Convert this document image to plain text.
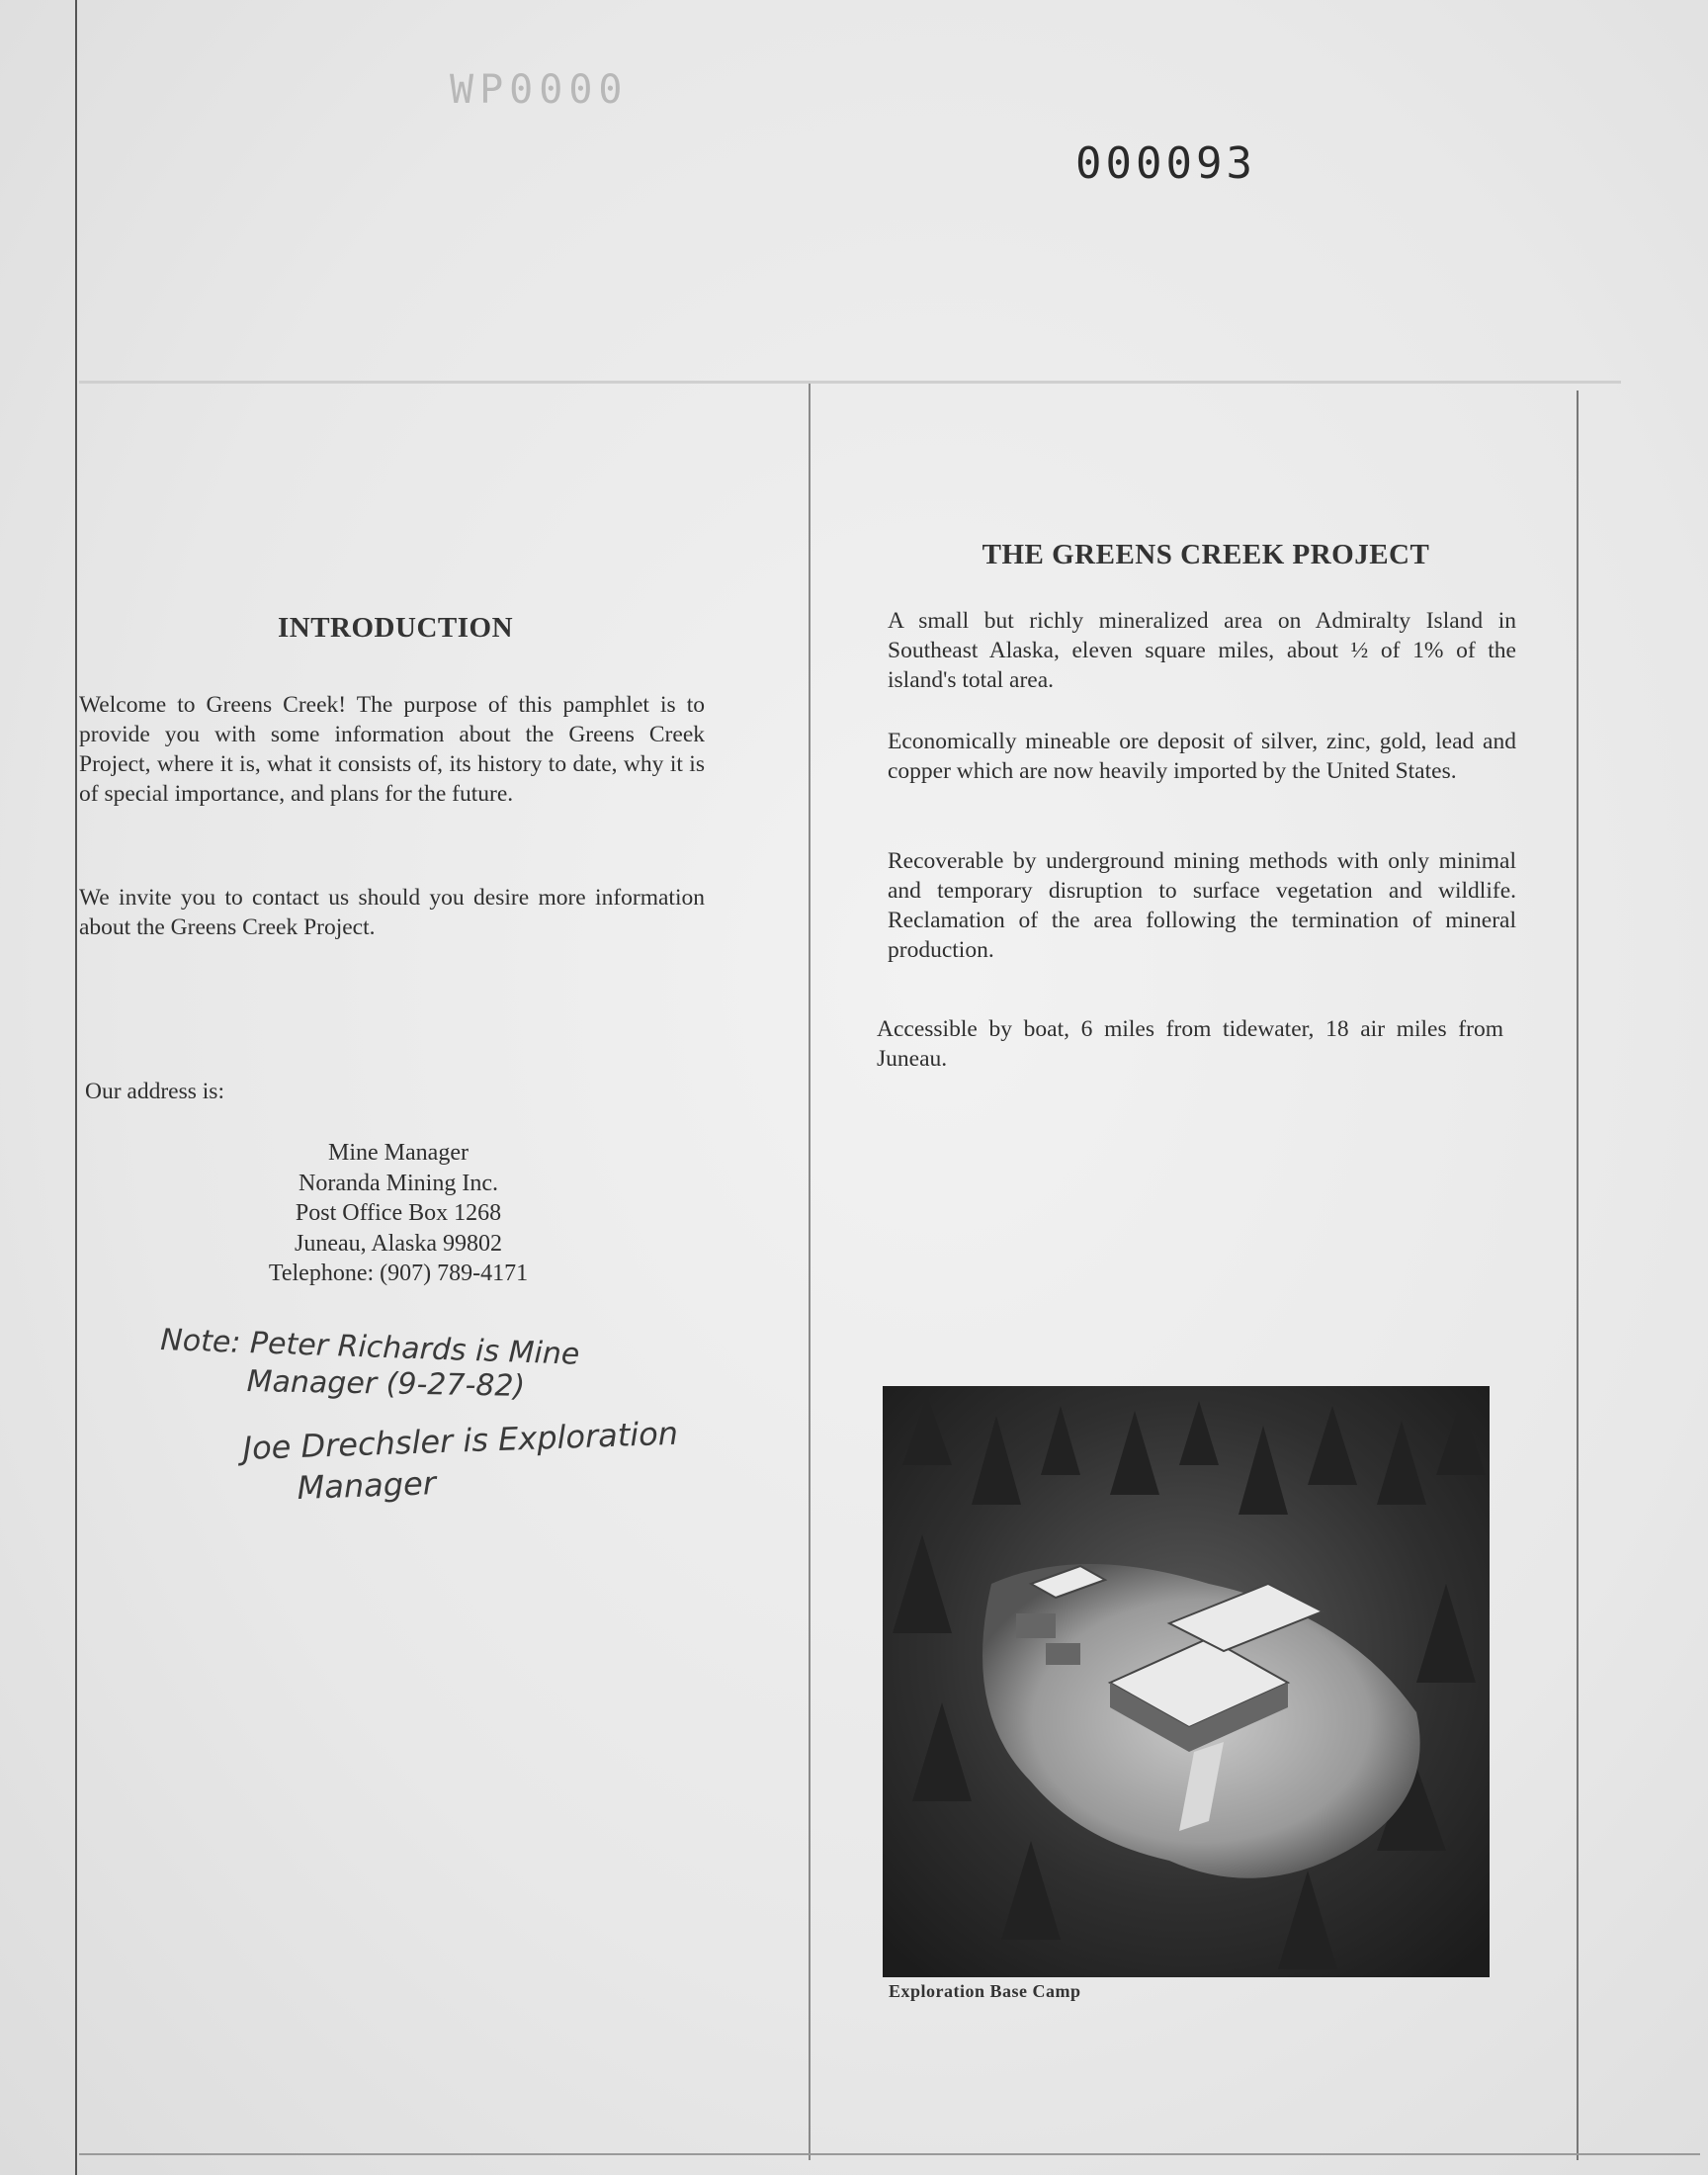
WP0000
000093
INTRODUCTION
Welcome to Greens Creek! The purpose of this pamphlet is to provide you with some information about the Greens Creek Project, where it is, what it consists of, its history to date, why it is of special importance, and plans for the future.
We invite you to contact us should you desire more information about the Greens Creek Project.
Our address is:
Mine Manager
Noranda Mining Inc.
Post Office Box 1268
Juneau, Alaska 99802
Telephone: (907) 789-4171
Note: Peter Richards is Mine
Manager (9-27-82)
Joe Drechsler is Exploration
Manager
THE GREENS CREEK PROJECT
A small but richly mineralized area on Admiralty Island in Southeast Alaska, eleven square miles, about ½ of 1% of the island's total area.
Economically mineable ore deposit of silver, zinc, gold, lead and copper which are now heavily imported by the United States.
Recoverable by underground mining methods with only minimal and temporary disruption to surface vegetation and wildlife. Reclamation of the area following the termination of mineral production.
Accessible by boat, 6 miles from tidewater, 18 air miles from Juneau.
Exploration Base Camp
